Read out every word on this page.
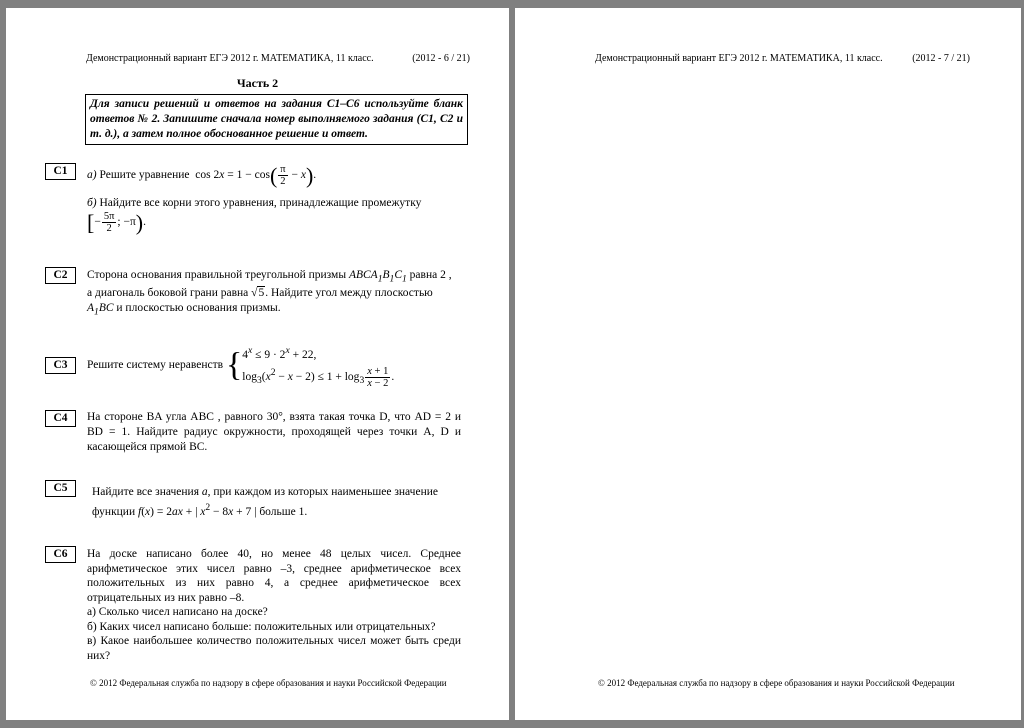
Демонстрационный вариант ЕГЭ 2012 г. МАТЕМАТИКА, 11 класс.	(2012 - 6 / 21)
Часть 2
Для записи решений и ответов на задания С1–С6 используйте бланк ответов № 2. Запишите сначала номер выполняемого задания (С1, С2 и т. д.), а затем полное обоснованное решение и ответ.
C1	а) Решите уравнение  $\cos 2x = 1 - \cos( \frac{\pi}{2} - x)$.
б) Найдите все корни этого уравнения, принадлежащие промежутку
[− $\frac{5\pi}{2}$ ; −π).
C2	Сторона основания правильной треугольной призмы $ABCA_1B_1C_1$ равна 2 ,
а диагональ боковой грани равна √5. Найдите угол между плоскостью
$A_1BC$ и плоскостью основания призмы.
C3	Решите систему неравенств {$4^x \le 9 \cdot 2^x + 22$,
$\log_3(x^2 - x - 2) \le 1 + \log_3 \frac{x + 1}{x - 2}$ .
C4	На стороне BA угла ABC , равного 30°, взята такая точка D, что AD = 2 и BD = 1. Найдите радиус окружности, проходящей через точки A, D и касающейся прямой BC.
C5	Найдите все значения a, при каждом из которых наименьшее значение
функции f(x) = 2ax + | $x^2 - 8x + 7$ | больше 1.
C6	На доске написано более 40, но менее 48 целых чисел. Среднее арифметическое этих чисел равно –3, среднее арифметическое всех положительных из них равно 4, а среднее арифметическое всех отрицательных из них равно –8.
а) Сколько чисел написано на доске?
б) Каких чисел написано больше: положительных или отрицательных?
в) Какое наибольшее количество положительных чисел может быть среди них?
© 2012 Федеральная служба по надзору в сфере образования и науки Российской Федерации
Демонстрационный вариант ЕГЭ 2012 г. МАТЕМАТИКА, 11 класс.	(2012 - 7 / 21)
© 2012 Федеральная служба по надзору в сфере образования и науки Российской Федерации
